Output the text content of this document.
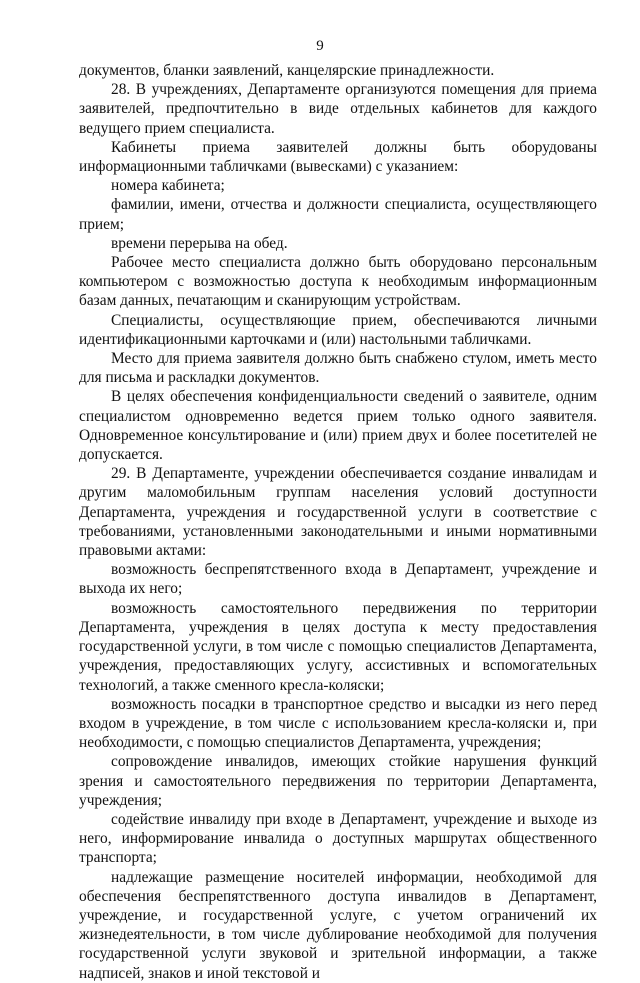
9

документов, бланки заявлений, канцелярские принадлежности.

28. В учреждениях, Департаменте организуются помещения для приема заявителей, предпочтительно в виде отдельных кабинетов для каждого ведущего прием специалиста.

Кабинеты приема заявителей должны быть оборудованы информационными табличками (вывесками) с указанием:

номера кабинета;

фамилии, имени, отчества и должности специалиста, осуществляющего прием;

времени перерыва на обед.

Рабочее место специалиста должно быть оборудовано персональным компьютером с возможностью доступа к необходимым информационным базам данных, печатающим и сканирующим устройствам.

Специалисты, осуществляющие прием, обеспечиваются личными идентификационными карточками и (или) настольными табличками.

Место для приема заявителя должно быть снабжено стулом, иметь место для письма и раскладки документов.

В целях обеспечения конфиденциальности сведений о заявителе, одним специалистом одновременно ведется прием только одного заявителя. Одновременное консультирование и (или) прием двух и более посетителей не допускается.

29. В Департаменте, учреждении обеспечивается создание инвалидам и другим маломобильным группам населения условий доступности Департамента, учреждения и государственной услуги в соответствие с требованиями, установленными законодательными и иными нормативными правовыми актами:

возможность беспрепятственного входа в Департамент, учреждение и выхода их него;

возможность самостоятельного передвижения по территории Департамента, учреждения в целях доступа к месту предоставления государственной услуги, в том числе с помощью специалистов Департамента, учреждения, предоставляющих услугу, ассистивных и вспомогательных технологий, а также сменного кресла-коляски;

возможность посадки в транспортное средство и высадки из него перед входом в учреждение, в том числе с использованием кресла-коляски и, при необходимости, с помощью специалистов Департамента, учреждения;

сопровождение инвалидов, имеющих стойкие нарушения функций зрения и самостоятельного передвижения по территории Департамента, учреждения;

содействие инвалиду при входе в Департамент, учреждение и выходе из него, информирование инвалида о доступных маршрутах общественного транспорта;

надлежащие размещение носителей информации, необходимой для обеспечения беспрепятственного доступа инвалидов в Департамент, учреждение, и государственной услуге, с учетом ограничений их жизнедеятельности, в том числе дублирование необходимой для получения государственной услуги звуковой и зрительной информации, а также надписей, знаков и иной текстовой и
